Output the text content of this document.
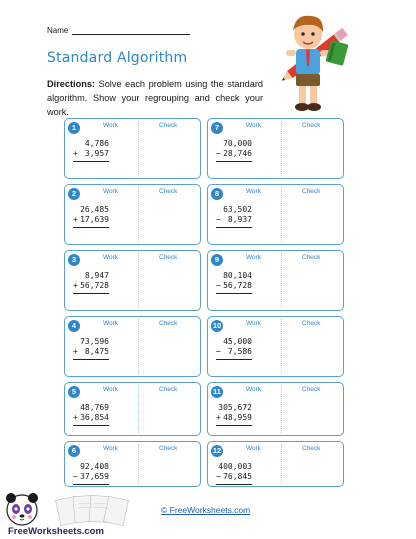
Name
Standard Algorithm
Directions: Solve each problem using the standard algorithm. Show your regrouping and check your work.
1	Work	Check
4,786
+ 3,957
2	Work	Check
26,485
+ 17,639
3	Work	Check
8,947
+ 56,728
4	Work	Check
73,596
+ 8,475
5	Work	Check
48,769
+ 36,854
6	Work	Check
92,408
− 37,659
7	Work	Check
70,000
− 28,746
8	Work	Check
63,502
− 8,937
9	Work	Check
80,104
− 56,728
10	Work	Check
45,000
− 7,586
11	Work	Check
305,672
+ 48,959
12	Work	Check
400,003
− 76,845
© FreeWorksheets.com
FreeWorksheets.com
